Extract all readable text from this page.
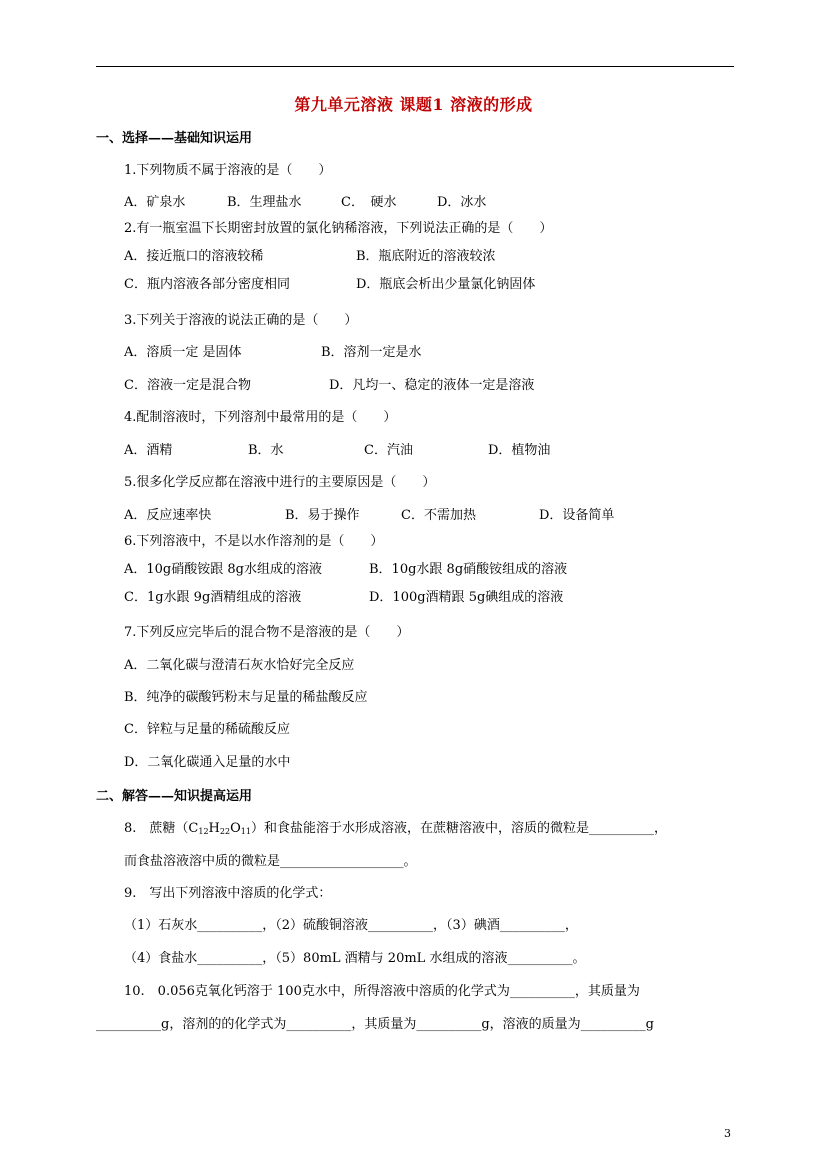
第九单元溶液 课题1 溶液的形成
一、选择——基础知识运用
1.下列物质不属于溶液的是（　　）
A．矿泉水	B．生理盐水	C．　硬水	D．冰水
2.有一瓶室温下长期密封放置的氯化钠稀溶液，下列说法正确的是（　　）
A．接近瓶口的溶液较稀	B．瓶底附近的溶液较浓
C．瓶内溶液各部分密度相同	D．瓶底会析出少量氯化钠固体
3.下列关于溶液的说法正确的是（　　）
A．溶质一定 是固体	B．溶剂一定是水
C．溶液一定是混合物	D．凡均一、稳定的液体一定是溶液
4.配制溶液时，下列溶剂中最常用的是（　　）
A．酒精	B．水	C．汽油	D．植物油
5.很多化学反应都在溶液中进行的主要原因是（　　）
A．反应速率快	B．易于操作	C．不需加热	D．设备简单
6.下列溶液中，不是以水作溶剂的是（　　）
A．10g硝酸铵跟 8g水组成的溶液	B．10g水跟 8g硝酸铵组成的溶液
C．1g水跟 9g酒精组成的溶液	D．100g酒精跟 5g碘组成的溶液
7.下列反应完毕后的混合物不是溶液的是（　　）
A．二氧化碳与澄清石灰水恰好完全反应
B．纯净的碳酸钙粉末与足量的稀盐酸反应
C．锌粒与足量的稀硫酸反应
D．二氧化碳通入足量的水中
二、解答——知识提高运用
8.　蔗糖$(C_{12}H_{22}O_{11})$和食盐能溶于水形成溶液，在蔗糖溶液中，溶质的微粒是__________，
而食盐溶液溶中质的微粒是___________________。
9.　写出下列溶液中溶质的化学式：
（1）石灰水__________，（2）硫酸铜溶液__________，（3）碘酒__________，
（4）食盐水__________，（5）80mL 酒精与 20mL 水组成的溶液__________。
10.　0.056克氧化钙溶于 100克水中，所得溶液中溶质的化学式为__________，其质量为
__________g，溶剂的的化学式为__________，其质量为__________g，溶液的质量为__________g
3
